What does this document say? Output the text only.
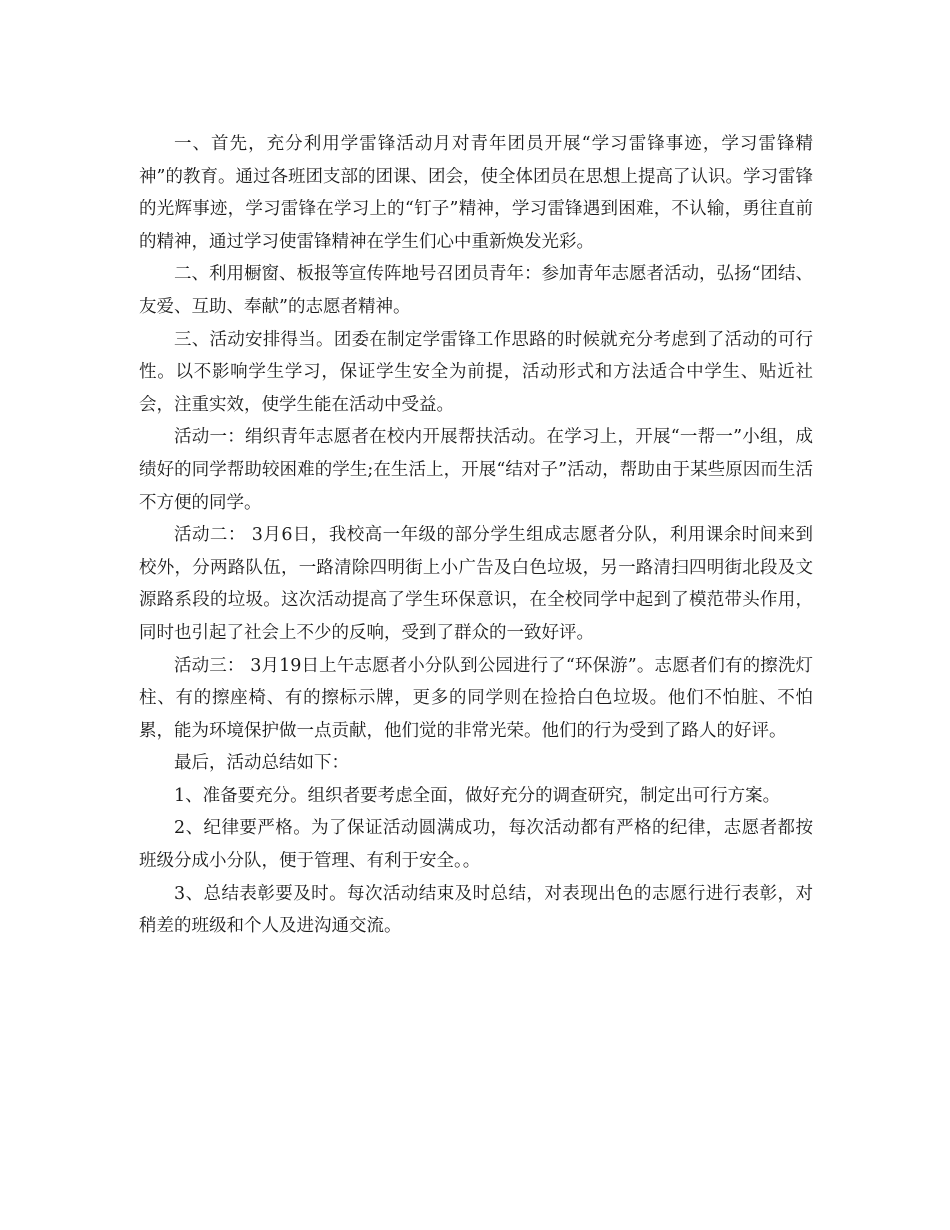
一、首先，充分利用学雷锋活动月对青年团员开展“学习雷锋事迹，学习雷锋精神”的教育。通过各班团支部的团课、团会，使全体团员在思想上提高了认识。学习雷锋的光辉事迹，学习雷锋在学习上的“钉子”精神，学习雷锋遇到困难，不认输，勇往直前的精神，通过学习使雷锋精神在学生们心中重新焕发光彩。

二、利用橱窗、板报等宣传阵地号召团员青年：参加青年志愿者活动，弘扬“团结、友爱、互助、奉献”的志愿者精神。

三、活动安排得当。团委在制定学雷锋工作思路的时候就充分考虑到了活动的可行性。以不影响学生学习，保证学生安全为前提，活动形式和方法适合中学生、贴近社会，注重实效，使学生能在活动中受益。

活动一：绢织青年志愿者在校内开展帮扶活动。在学习上，开展“一帮一”小组，成绩好的同学帮助较困难的学生;在生活上，开展“结对子”活动，帮助由于某些原因而生活不方便的同学。

活动二： 3月6日，我校高一年级的部分学生组成志愿者分队，利用课余时间来到校外，分两路队伍，一路清除四明街上小广告及白色垃圾，另一路清扫四明街北段及文源路系段的垃圾。这次活动提高了学生环保意识，在全校同学中起到了模范带头作用，同时也引起了社会上不少的反响，受到了群众的一致好评。

活动三： 3月19日上午志愿者小分队到公园进行了“环保游”。志愿者们有的擦洗灯柱、有的擦座椅、有的擦标示牌，更多的同学则在捡拾白色垃圾。他们不怕脏、不怕累，能为环境保护做一点贡献，他们觉的非常光荣。他们的行为受到了路人的好评。

最后，活动总结如下：

1、准备要充分。组织者要考虑全面，做好充分的调查研究，制定出可行方案。

2、纪律要严格。为了保证活动圆满成功，每次活动都有严格的纪律，志愿者都按班级分成小分队，便于管理、有利于安全。。

3、总结表彰要及时。每次活动结束及时总结，对表现出色的志愿行进行表彰，对稍差的班级和个人及进沟通交流。
